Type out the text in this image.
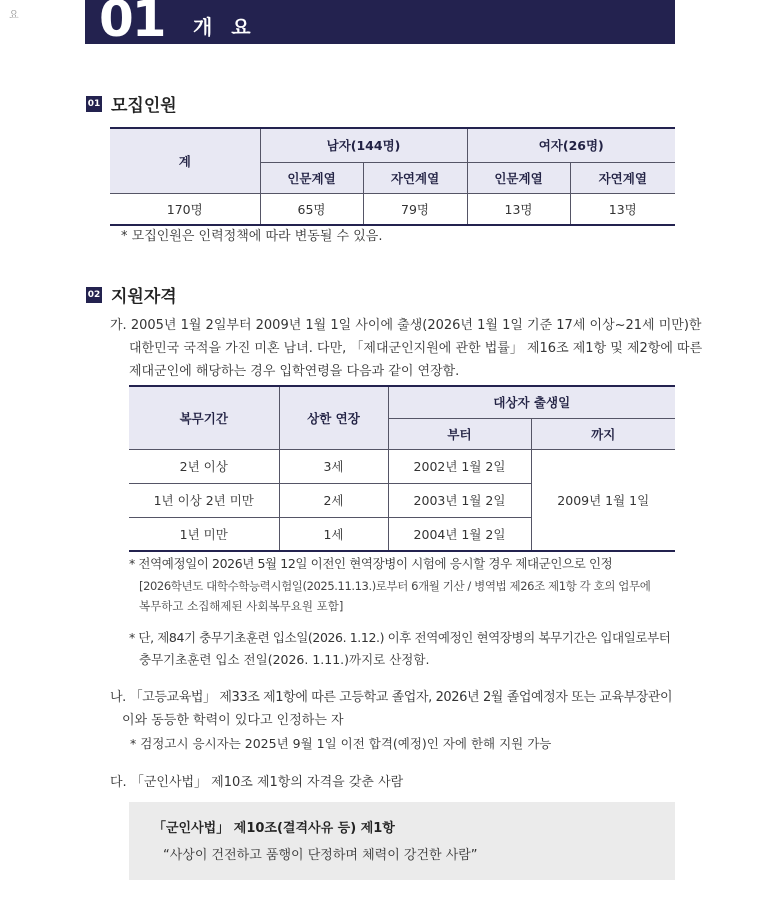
요 01 개 요
01 모집인원
계	남자(144명)		여자(26명)	
	인문계열	자연계열	인문계열	자연계열
170명	65명	79명	13명	13명
* 모집인원은 인력정책에 따라 변동될 수 있음.
02 지원자격
가. 2005년 1월 2일부터 2009년 1월 1일 사이에 출생(2026년 1월 1일 기준 17세 이상~21세 미만)한
대한민국 국적을 가진 미혼 남녀. 다만, 「제대군인지원에 관한 법률」 제16조 제1항 및 제2항에 따른
제대군인에 해당하는 경우 입학연령을 다음과 같이 연장함.
복무기간	상한 연장	대상자 출생일	
		부터	까지
2년 이상	3세	2002년 1월 2일	2009년 1월 1일
1년 이상 2년 미만	2세	2003년 1월 2일	
1년 미만	1세	2004년 1월 2일	
* 전역예정일이 2026년 5월 12일 이전인 현역장병이 시험에 응시할 경우 제대군인으로 인정
[2026학년도 대학수학능력시험일(2025.11.13.)로부터 6개월 기산 / 병역법 제26조 제1항 각 호의 업무에
복무하고 소집해제된 사회복무요원 포함]
* 단, 제84기 충무기초훈련 입소일(2026. 1.12.) 이후 전역예정인 현역장병의 복무기간은 입대일로부터
충무기초훈련 입소 전일(2026. 1.11.)까지로 산정함.
나. 「고등교육법」 제33조 제1항에 따른 고등학교 졸업자, 2026년 2월 졸업예정자 또는 교육부장관이
이와 동등한 학력이 있다고 인정하는 자
* 검정고시 응시자는 2025년 9월 1일 이전 합격(예정)인 자에 한해 지원 가능
다. 「군인사법」 제10조 제1항의 자격을 갖춘 사람
「군인사법」 제10조(결격사유 등) 제1항
“사상이 건전하고 품행이 단정하며 체력이 강건한 사람”
